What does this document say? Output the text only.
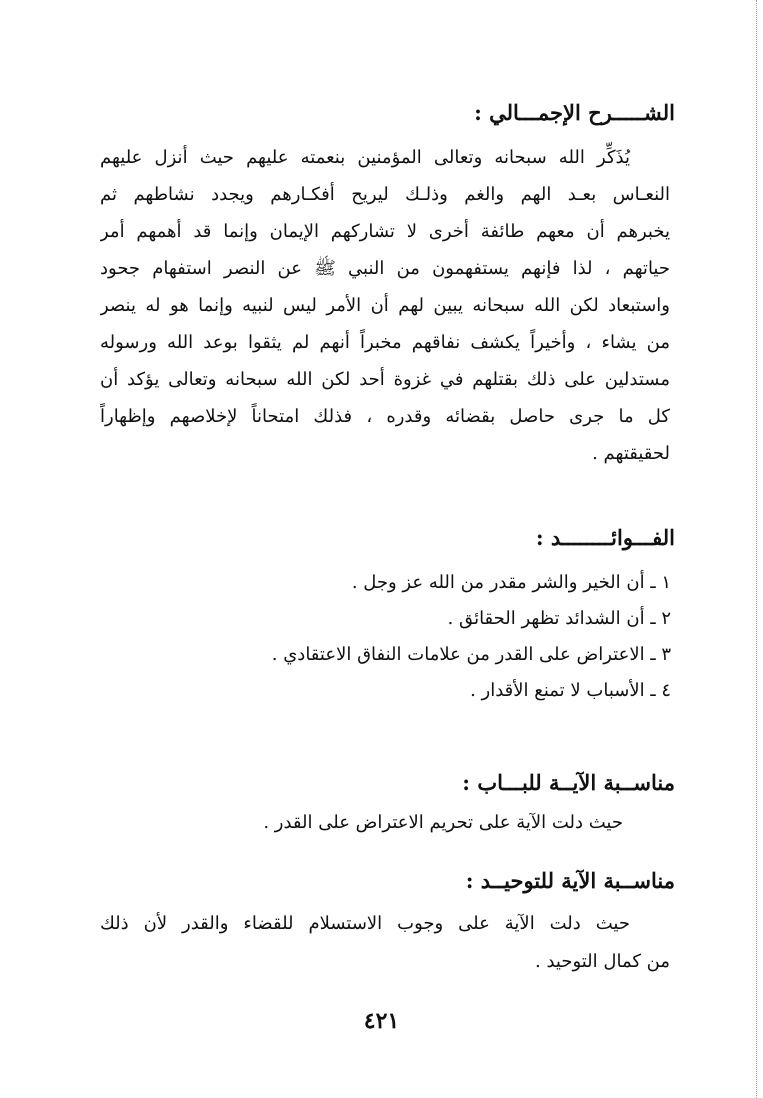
الشـــــرح الإجمـــالي :
يُذَكِّر الله سبحانه وتعالى المؤمنين بنعمته عليهم حيث أنزل عليهم
النعـاس بعـد الهم والغم وذلـك ليريح أفكـارهم ويجدد نشاطهم ثم
يخبرهم أن معهم طائفة أخرى لا تشاركهم الإيمان وإنما قد أهمهم أمر
حياتهم ، لذا فإنهم يستفهمون من النبي ﷺ عن النصر استفهام جحود
واستبعاد لكن الله سبحانه يبين لهم أن الأمر ليس لنبيه وإنما هو له ينصر
من يشاء ، وأخيراً يكشف نفاقهم مخبراً أنهم لم يثقوا بوعد الله ورسوله
مستدلين على ذلك بقتلهم في غزوة أحد لكن الله سبحانه وتعالى يؤكد أن
كل ما جرى حاصل بقضائه وقدره ، فذلك امتحاناً لإخلاصهم وإظهاراً
لحقيقتهم .
الفـــوائــــــــد :
١ ـ أن الخير والشر مقدر من الله عز وجل .
٢ ـ أن الشدائد تظهر الحقائق .
٣ ـ الاعتراض على القدر من علامات النفاق الاعتقادي .
٤ ـ الأسباب لا تمنع الأقدار .
مناســبة الآيــة للبـــاب :
حيث دلت الآية على تحريم الاعتراض على القدر .
مناســبة الآية للتوحيــد :
حيث دلت الآية على وجوب الاستسلام للقضاء والقدر لأن ذلك
من كمال التوحيد .
٤٢١
